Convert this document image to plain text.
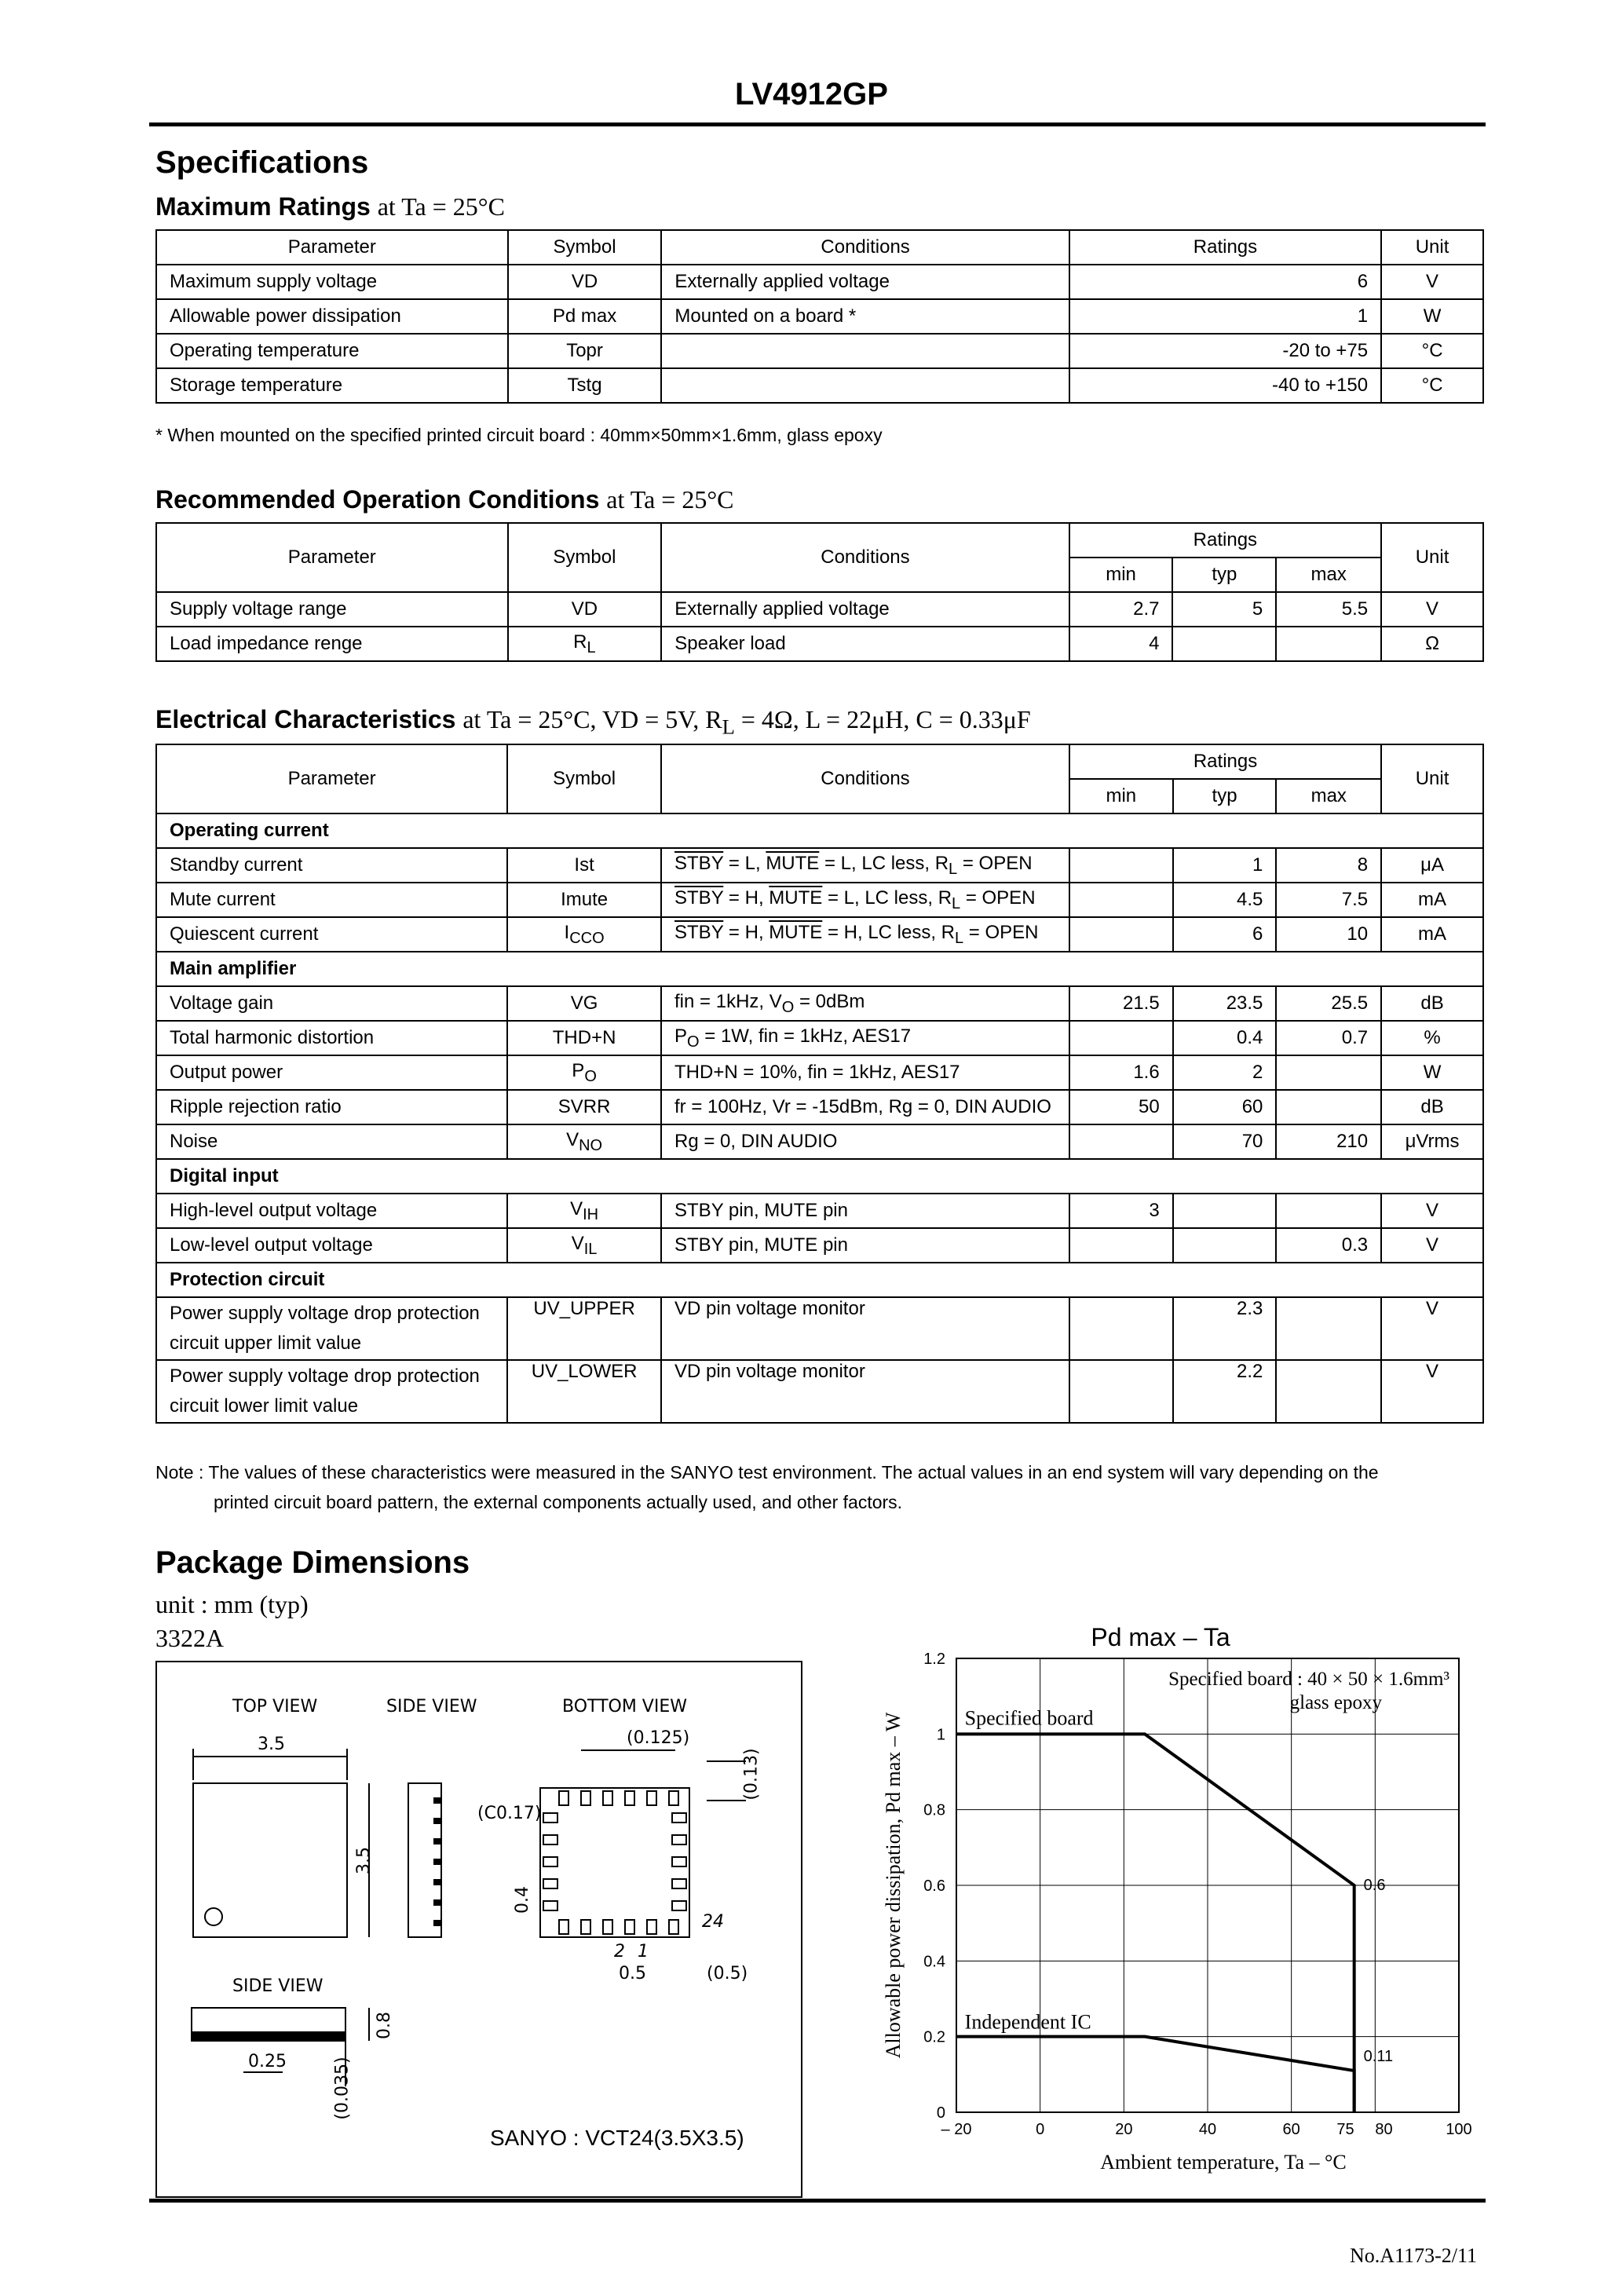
LV4912GP
Specifications
Maximum Ratings at Ta = 25°C
Parameter	Symbol	Conditions	Ratings	Unit
Maximum supply voltage	VD	Externally applied voltage	6	V
Allowable power dissipation	Pd max	Mounted on a board *	1	W
Operating temperature	Topr		-20 to +75	°C
Storage temperature	Tstg		-40 to +150	°C
* When mounted on the specified printed circuit board : 40mm×50mm×1.6mm, glass epoxy
Recommended Operation Conditions at Ta = 25°C
Parameter	Symbol	Conditions	Ratings			Unit
			min	typ	max	
Supply voltage range	VD	Externally applied voltage	2.7	5	5.5	V
Load impedance renge	$R_L$	Speaker load	4			Ω
Electrical Characteristics at Ta = 25°C, VD = 5V, $R_L = 4\Omega$, L = 22μH, C = 0.33μF
Parameter	Symbol	Conditions	Ratings			Unit
			min	typ	max	
Operating current						
Standby current	Ist	STBY = L, MUTE = L, LC less, $R_L$ = OPEN		1	8	μA
Mute current	Imute	STBY = H, MUTE = L, LC less, $R_L$ = OPEN		4.5	7.5	mA
Quiescent current	$I_{CCO}$	STBY = H, MUTE = H, LC less, $R_L$ = OPEN		6	10	mA
Main amplifier						
Voltage gain	VG	fin = 1kHz, $V_O = 0dBm$	21.5	23.5	25.5	dB
Total harmonic distortion	THD+N	$P_O = 1W$, fin = 1kHz, AES17		0.4	0.7	%
Output power	$P_O$	THD+N = 10%, fin = 1kHz, AES17	1.6	2		W
Ripple rejection ratio	SVRR	fr = 100Hz, Vr = -15dBm, Rg = 0, DIN AUDIO	50	60		dB
Noise	$V_{NO}$	Rg = 0, DIN AUDIO		70	210	μVrms
Digital input						
High-level output voltage	$V_{IH}$	STBY pin, MUTE pin	3			V
Low-level output voltage	$V_{IL}$	STBY pin, MUTE pin			0.3	V
Protection circuit						
Power supply voltage drop protection
circuit upper limit value	UV_UPPER	VD pin voltage monitor		2.3		V
Power supply voltage drop protection
circuit lower limit value	UV_LOWER	VD pin voltage monitor		2.2		V
Note : The values of these characteristics were measured in the SANYO test environment. The actual values in an end system will vary depending on the
printed circuit board pattern, the external components actually used, and other factors.
Package Dimensions
unit : mm (typ)
3322A
TOP VIEW	SIDE VIEW	BOTTOM VIEW
SIDE VIEW
3.5
3.5
(0.125)
(0.13)
(C0.17)
0.4
2 1
24
0.5	(0.5)
0.8
0.25	(0.035)
SANYO : VCT24(3.5X3.5)
0
0.2
0.4
0.6
0.8
1
1.2
– 20	0	20	40	60 75 80	100
Specified board
Independent IC
0.6
0.11
Specified board : 40 × 50 × 1.6mm³
glass epoxy
Pd max – Ta
Ambient temperature, Ta – °C
Allowable power dissipation, Pd max – W
No.A1173-2/11
